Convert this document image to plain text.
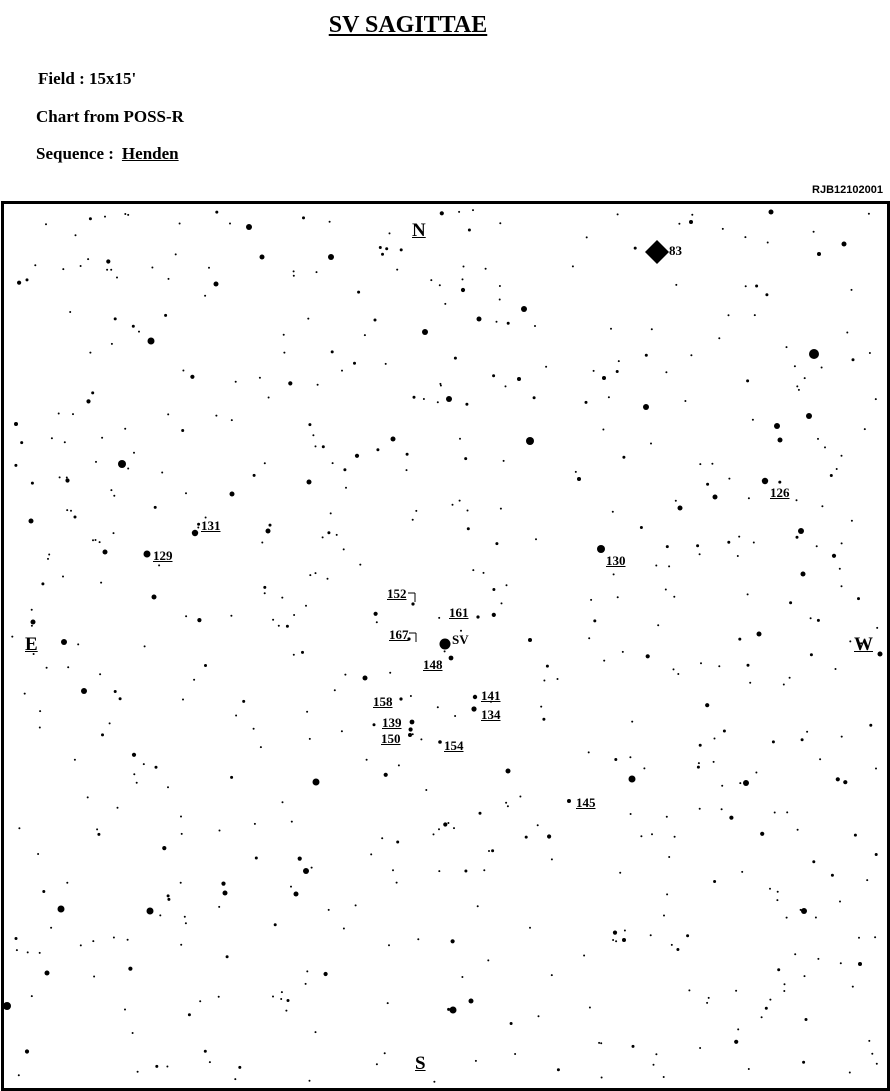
SV SAGITTAE
Field : 15x15'
Chart from POSS-R
Sequence : Henden
RJB12102001
N
S
E	W
SV
83
126
129	130
131
134
139
141
145
148
150
152
154
158
161
167
